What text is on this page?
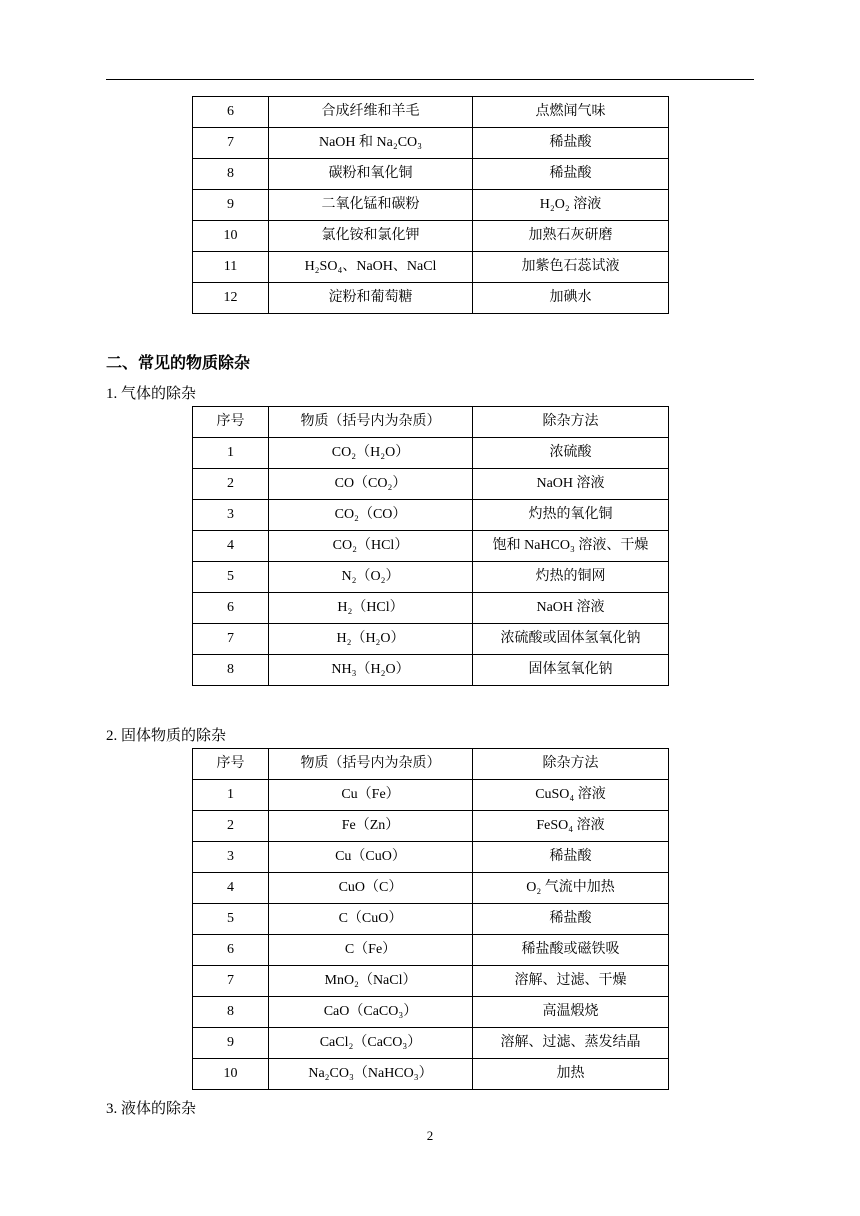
6	合成纤维和羊毛	点燃闻气味
7	NaOH 和 Na₂CO₃	稀盐酸
8	碳粉和氧化铜	稀盐酸
9	二氧化锰和碳粉	H₂O₂ 溶液
10	氯化铵和氯化钾	加熟石灰研磨
11	H₂SO₄、NaOH、NaCl	加紫色石蕊试液
12	淀粉和葡萄糖	加碘水
二、常见的物质除杂
1. 气体的除杂
序号	物质（括号内为杂质）	除杂方法
1	CO₂（H₂O）	浓硫酸
2	CO（CO₂）	NaOH 溶液
3	CO₂（CO）	灼热的氧化铜
4	CO₂（HCl）	饱和 NaHCO₃ 溶液、干燥
5	N₂（O₂）	灼热的铜网
6	H₂（HCl）	NaOH 溶液
7	H₂（H₂O）	浓硫酸或固体氢氧化钠
8	NH₃（H₂O）	固体氢氧化钠
2. 固体物质的除杂
序号	物质（括号内为杂质）	除杂方法
1	Cu（Fe）	CuSO₄ 溶液
2	Fe（Zn）	FeSO₄ 溶液
3	Cu（CuO）	稀盐酸
4	CuO（C）	O₂ 气流中加热
5	C（CuO）	稀盐酸
6	C（Fe）	稀盐酸或磁铁吸
7	MnO₂（NaCl）	溶解、过滤、干燥
8	CaO（CaCO₃）	高温煅烧
9	CaCl₂（CaCO₃）	溶解、过滤、蒸发结晶
10	Na₂CO₃（NaHCO₃）	加热
3. 液体的除杂
2
